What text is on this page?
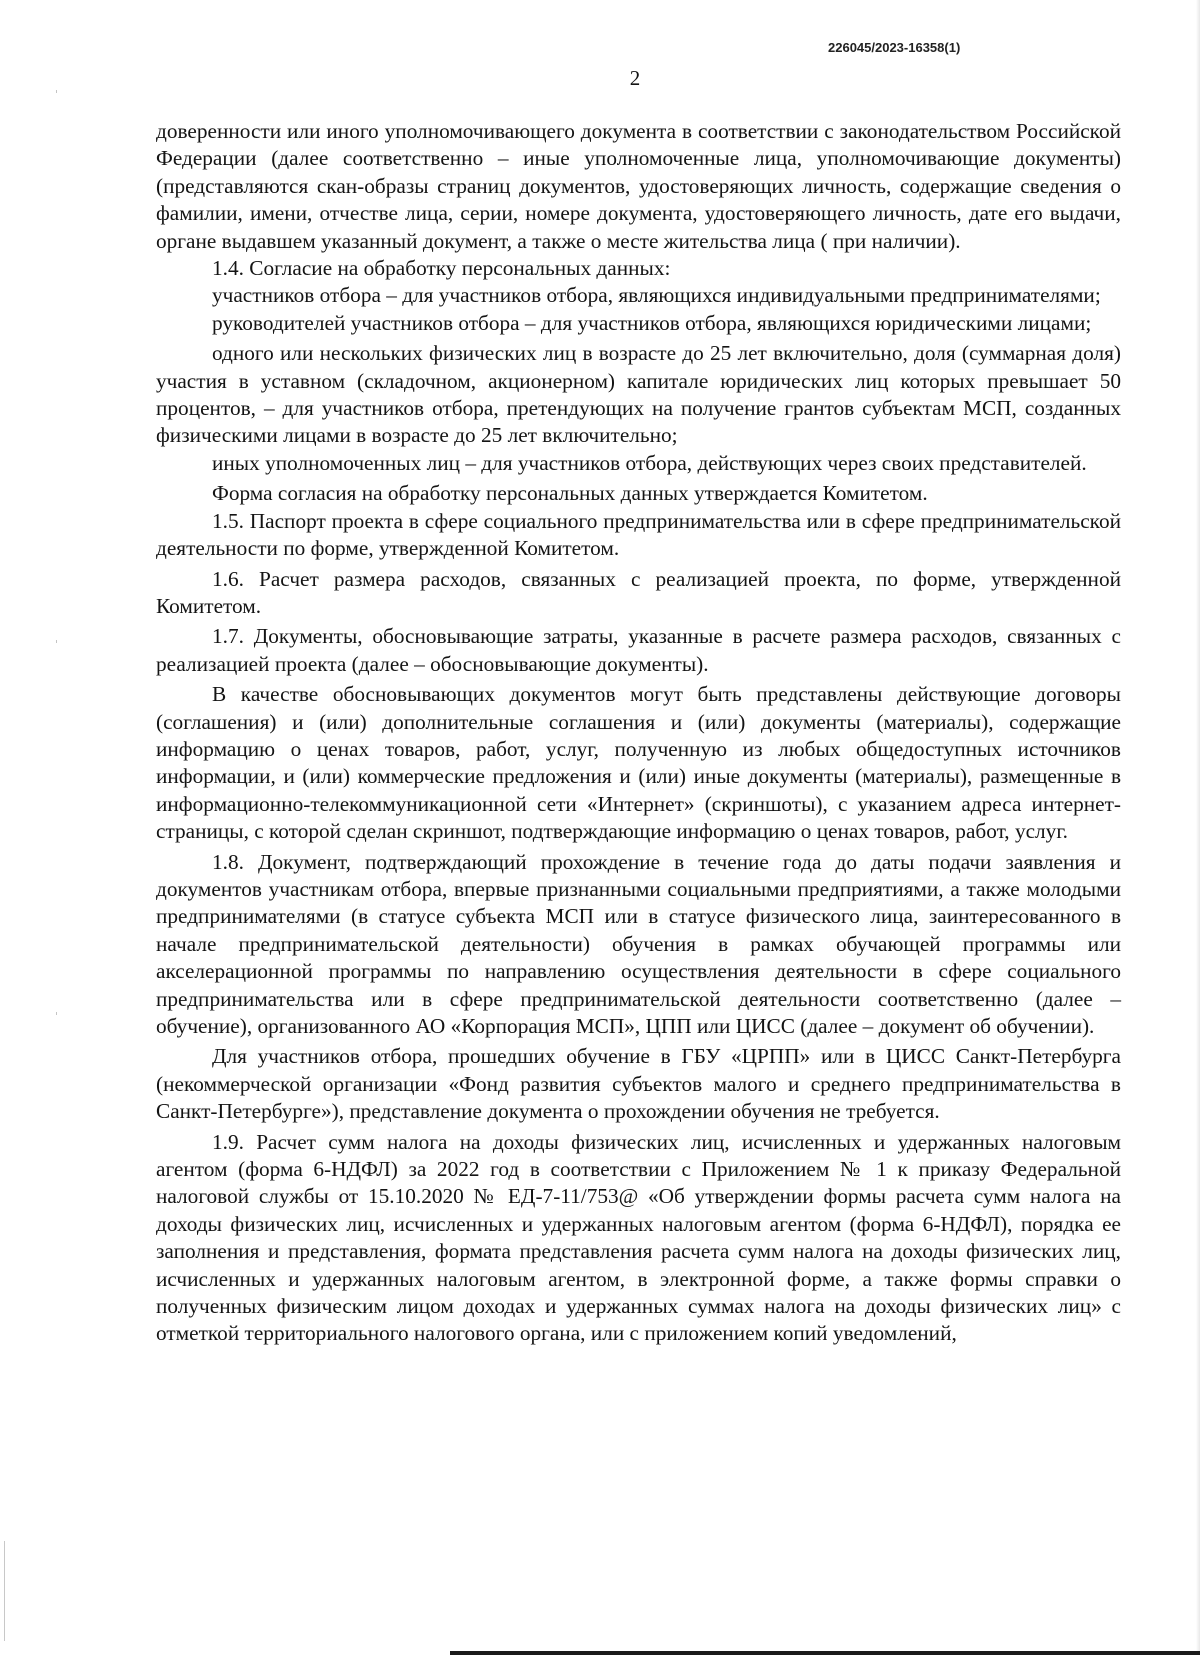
226045/2023-16358(1)
2

доверенности или иного уполномочивающего документа в соответствии с законодательством Российской Федерации (далее соответственно – иные уполномоченные лица, уполномочивающие документы) (представляются скан-образы страниц документов, удостоверяющих личность, содержащие сведения о фамилии, имени, отчестве лица, серии, номере документа, удостоверяющего личность, дате его выдачи, органе выдавшем указанный документ, а также о месте жительства лица ( при наличии).

1.4. Согласие на обработку персональных данных:

участников отбора – для участников отбора, являющихся индивидуальными предпринимателями;

руководителей участников отбора – для участников отбора, являющихся юридическими лицами;

одного или нескольких физических лиц в возрасте до 25 лет включительно, доля (суммарная доля) участия в уставном (складочном, акционерном) капитале юридических лиц которых превышает 50 процентов, – для участников отбора, претендующих на получение грантов субъектам МСП, созданных физическими лицами в возрасте до 25 лет включительно;

иных уполномоченных лиц – для участников отбора, действующих через своих представителей.

Форма согласия на обработку персональных данных утверждается Комитетом.

1.5. Паспорт проекта в сфере социального предпринимательства или в сфере предпринимательской деятельности по форме, утвержденной Комитетом.

1.6. Расчет размера расходов, связанных с реализацией проекта, по форме, утвержденной Комитетом.

1.7. Документы, обосновывающие затраты, указанные в расчете размера расходов, связанных с реализацией проекта (далее – обосновывающие документы).

В качестве обосновывающих документов могут быть представлены действующие договоры (соглашения) и (или) дополнительные соглашения и (или) документы (материалы), содержащие информацию о ценах товаров, работ, услуг, полученную из любых общедоступных источников информации, и (или) коммерческие предложения и (или) иные документы (материалы), размещенные в информационно-телекоммуникационной сети «Интернет» (скриншоты), с указанием адреса интернет-страницы, с которой сделан скриншот, подтверждающие информацию о ценах товаров, работ, услуг.

1.8. Документ, подтверждающий прохождение в течение года до даты подачи заявления и документов участникам отбора, впервые признанными социальными предприятиями, а также молодыми предпринимателями (в статусе субъекта МСП или в статусе физического лица, заинтересованного в начале предпринимательской деятельности) обучения в рамках обучающей программы или акселерационной программы по направлению осуществления деятельности в сфере социального предпринимательства или в сфере предпринимательской деятельности соответственно (далее – обучение), организованного АО «Корпорация МСП», ЦПП или ЦИСС (далее – документ об обучении).

Для участников отбора, прошедших обучение в ГБУ «ЦРПП» или в ЦИСС Санкт-Петербурга (некоммерческой организации «Фонд развития субъектов малого и среднего предпринимательства в Санкт-Петербурге»), представление документа о прохождении обучения не требуется.

1.9. Расчет сумм налога на доходы физических лиц, исчисленных и удержанных налоговым агентом (форма 6-НДФЛ) за 2022 год в соответствии с Приложением № 1 к приказу Федеральной налоговой службы от 15.10.2020 № ЕД-7-11/753@ «Об утверждении формы расчета сумм налога на доходы физических лиц, исчисленных и удержанных налоговым агентом (форма 6-НДФЛ), порядка ее заполнения и представления, формата представления расчета сумм налога на доходы физических лиц, исчисленных и удержанных налоговым агентом, в электронной форме, а также формы справки о полученных физическим лицом доходах и удержанных суммах налога на доходы физических лиц» с отметкой территориального налогового органа, или с приложением копий уведомлений,
